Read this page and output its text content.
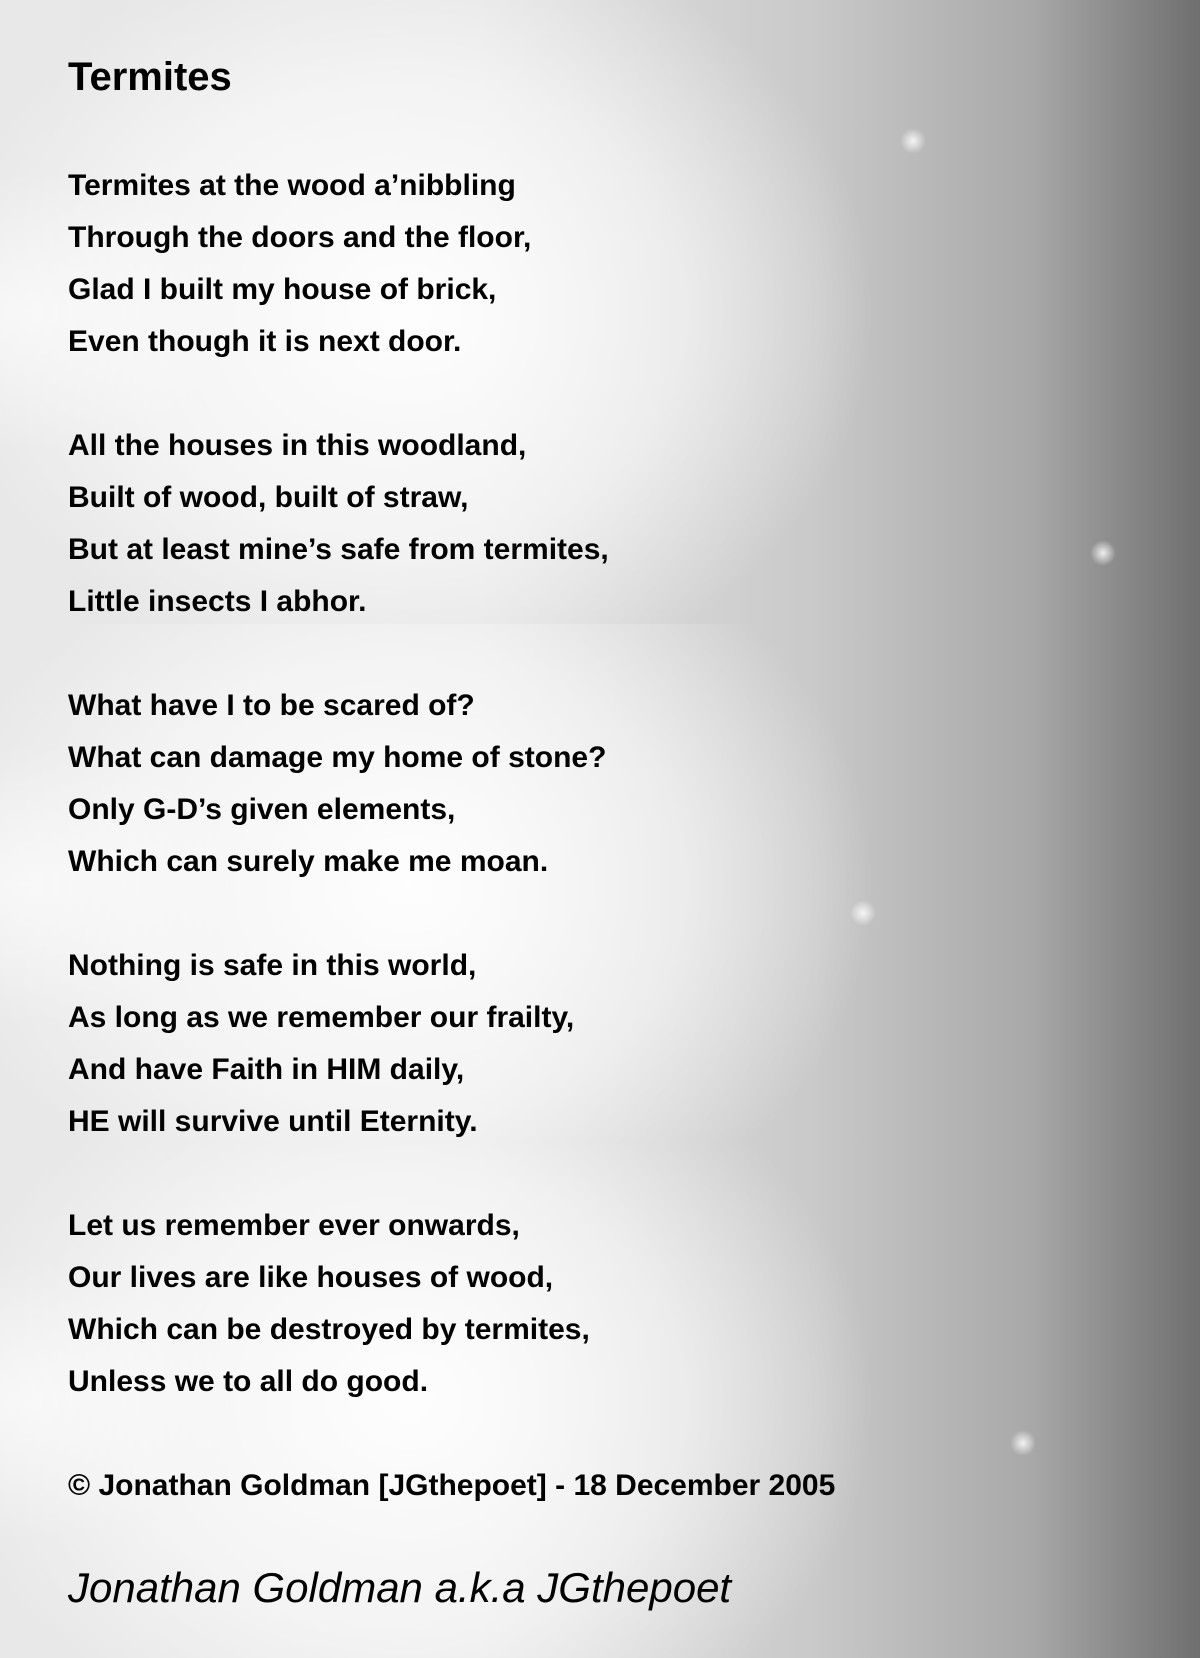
Termites
Termites at the wood a’nibbling
Through the doors and the floor,
Glad I built my house of brick,
Even though it is next door.
All the houses in this woodland,
Built of wood, built of straw,
But at least mine’s safe from termites,
Little insects I abhor.
What have I to be scared of?
What can damage my home of stone?
Only G-D’s given elements,
Which can surely make me moan.
Nothing is safe in this world,
As long as we remember our frailty,
And have Faith in HIM daily,
HE will survive until Eternity.
Let us remember ever onwards,
Our lives are like houses of wood,
Which can be destroyed by termites,
Unless we to all do good.
© Jonathan Goldman [JGthepoet] - 18 December 2005
Jonathan Goldman a.k.a JGthepoet
